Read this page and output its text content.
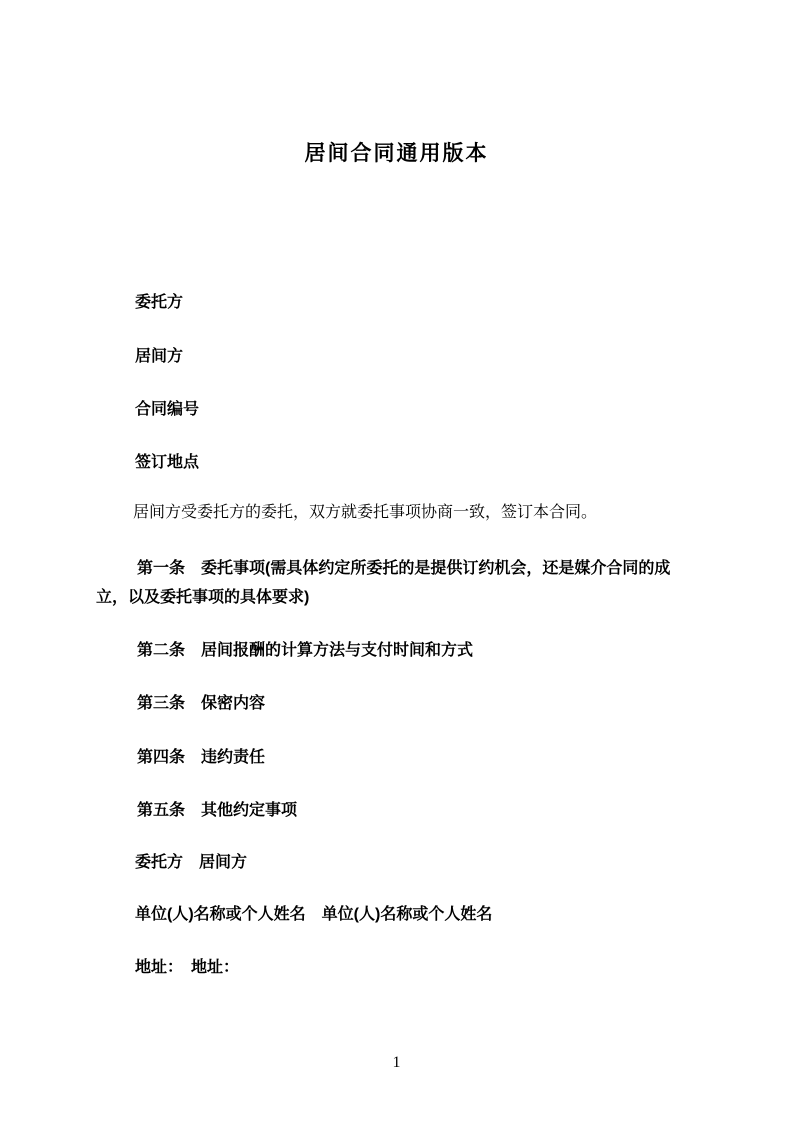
居间合同通用版本

委托方

居间方

合同编号

签订地点

居间方受委托方的委托，双方就委托事项协商一致，签订本合同。

第一条　委托事项(需具体约定所委托的是提供订约机会，还是媒介合同的成立，以及委托事项的具体要求)

第二条　居间报酬的计算方法与支付时间和方式

第三条　保密内容

第四条　违约责任

第五条　其他约定事项

委托方　居间方

单位(人)名称或个人姓名　单位(人)名称或个人姓名

地址：　地址：

1
